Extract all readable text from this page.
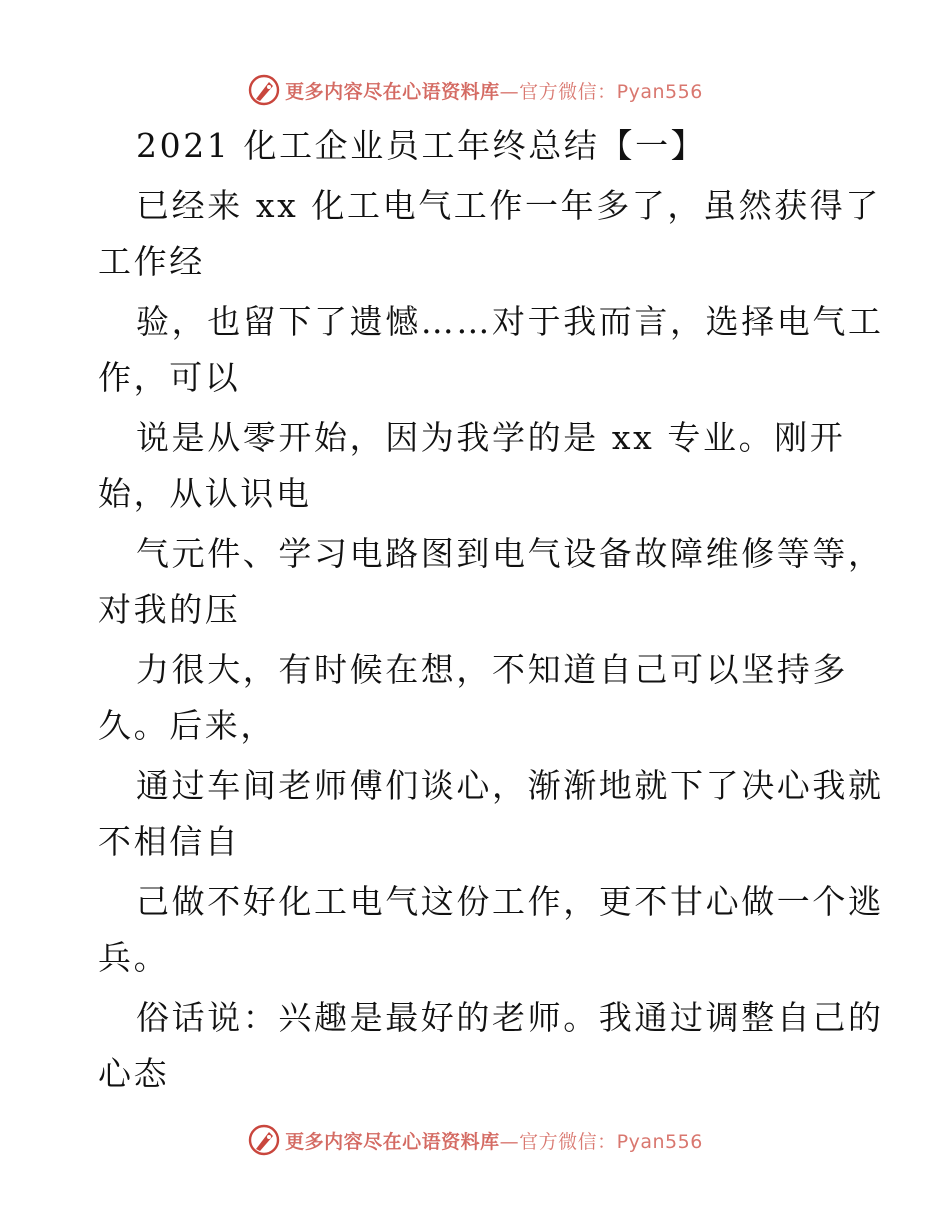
更多内容尽在心语资料库 —官方微信：Pyan556
2021 化工企业员工年终总结【一】
已经来 xx 化工电气工作一年多了，虽然获得了
工作经
验，也留下了遗憾……对于我而言，选择电气工
作，可以
说是从零开始，因为我学的是 xx 专业。刚开
始，从认识电
气元件、学习电路图到电气设备故障维修等等，
对我的压
力很大，有时候在想，不知道自己可以坚持多
久。后来，
通过车间老师傅们谈心，渐渐地就下了决心我就
不相信自
己做不好化工电气这份工作，更不甘心做一个逃
兵。
俗话说：兴趣是最好的老师。我通过调整自己的
心态
更多内容尽在心语资料库 —官方微信：Pyan556
